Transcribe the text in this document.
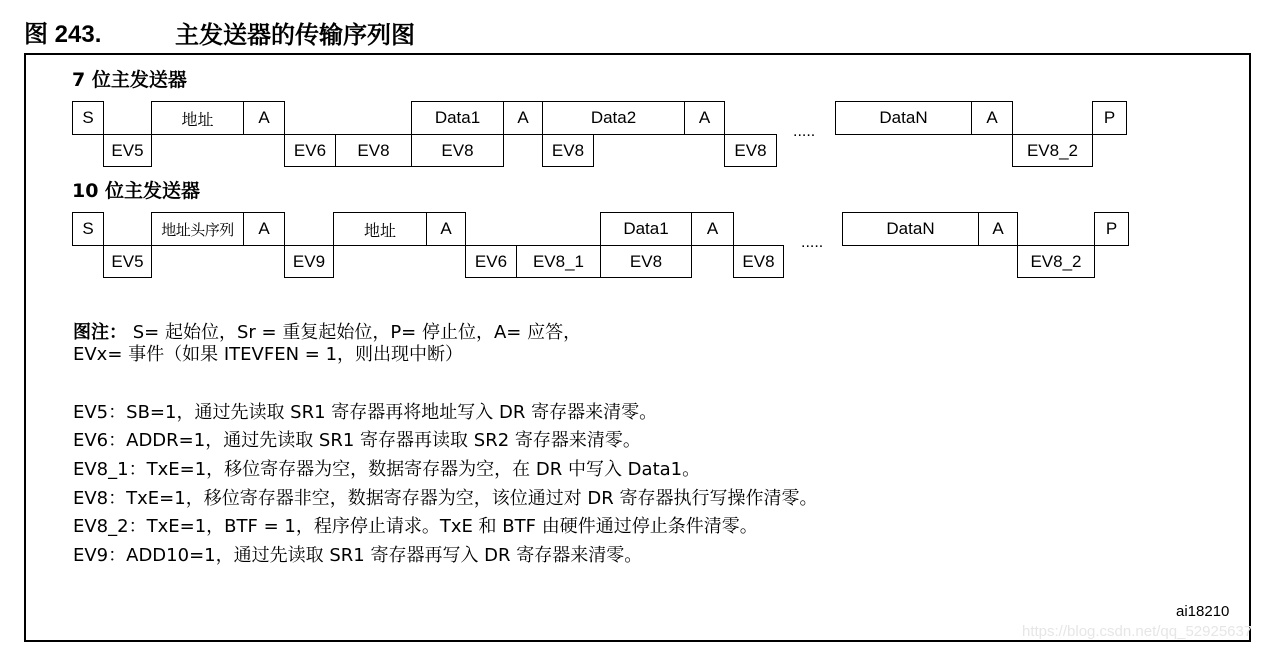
图 243.	主发送器的传输序列图
7 位主发送器
S	地址	A	Data1	A	Data2	A	DataN	A	P
EV5	EV6	EV8	EV8	EV8	EV8	EV8_2
.....
10 位主发送器
S	地址头序列	A	地址	A	Data1	A	DataN	A	P
EV5	EV9	EV6	EV8_1	EV8	EV8	EV8_2
.....
图注： S= 起始位，Sr = 重复起始位，P= 停止位，A= 应答，
EVx= 事件（如果 ITEVFEN = 1，则出现中断）
EV5：SB=1，通过先读取 SR1 寄存器再将地址写入 DR 寄存器来清零。
EV6：ADDR=1，通过先读取 SR1 寄存器再读取 SR2 寄存器来清零。
EV8_1：TxE=1，移位寄存器为空，数据寄存器为空，在 DR 中写入 Data1。
EV8：TxE=1，移位寄存器非空，数据寄存器为空，该位通过对 DR 寄存器执行写操作清零。
EV8_2：TxE=1，BTF = 1，程序停止请求。TxE 和 BTF 由硬件通过停止条件清零。
EV9：ADD10=1，通过先读取 SR1 寄存器再写入 DR 寄存器来清零。
ai18210
https://blog.csdn.net/qq_52925637
